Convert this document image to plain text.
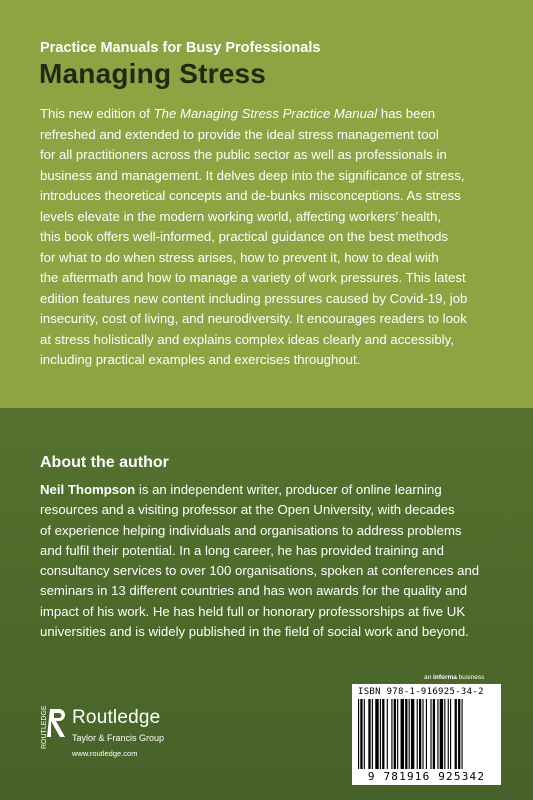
Practice Manuals for Busy Professionals
Managing Stress
This new edition of The Managing Stress Practice Manual has been
refreshed and extended to provide the ideal stress management tool
for all practitioners across the public sector as well as professionals in
business and management. It delves deep into the significance of stress,
introduces theoretical concepts and de-bunks misconceptions. As stress
levels elevate in the modern working world, affecting workers’ health,
this book offers well-informed, practical guidance on the best methods
for what to do when stress arises, how to prevent it, how to deal with
the aftermath and how to manage a variety of work pressures. This latest
edition features new content including pressures caused by Covid-19, job
insecurity, cost of living, and neurodiversity. It encourages readers to look
at stress holistically and explains complex ideas clearly and accessibly,
including practical examples and exercises throughout.
About the author
Neil Thompson is an independent writer, producer of online learning
resources and a visiting professor at the Open University, with decades
of experience helping individuals and organisations to address problems
and fulfil their potential. In a long career, he has provided training and
consultancy services to over 100 organisations, spoken at conferences and
seminars in 13 different countries and has won awards for the quality and
impact of his work. He has held full or honorary professorships at five UK
universities and is widely published in the field of social work and beyond.
an informa business
ISBN 978-1-916925-34-2
9 781916 925342
ROUTLEDGE Routledge
Taylor & Francis Group
www.routledge.com
